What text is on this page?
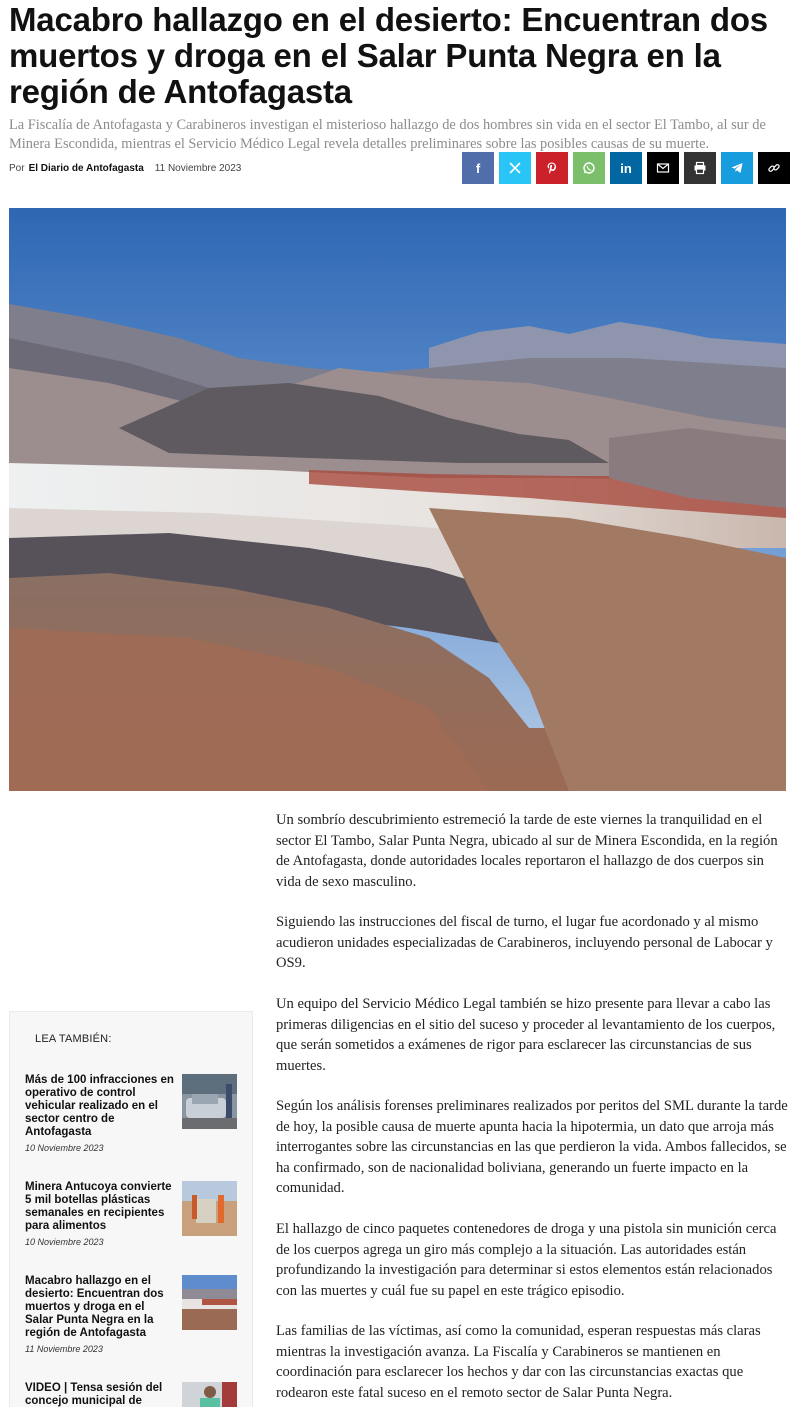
Macabro hallazgo en el desierto: Encuentran dos muertos y droga en el Salar Punta Negra en la región de Antofagasta

La Fiscalía de Antofagasta y Carabineros investigan el misterioso hallazgo de dos hombres sin vida en el sector El Tambo, al sur de Minera Escondida, mientras el Servicio Médico Legal revela detalles preliminares sobre las posibles causas de su muerte.

Por El Diario de Antofagasta 11 Noviembre 2023	f	in

Un sombrío descubrimiento estremeció la tarde de este viernes la tranquilidad en el sector El Tambo, Salar Punta Negra, ubicado al sur de Minera Escondida, en la región de Antofagasta, donde autoridades locales reportaron el hallazgo de dos cuerpos sin vida de sexo masculino.

Siguiendo las instrucciones del fiscal de turno, el lugar fue acordonado y al mismo acudieron unidades especializadas de Carabineros, incluyendo personal de Labocar y OS9.

Un equipo del Servicio Médico Legal también se hizo presente para llevar a cabo las primeras diligencias en el sitio del suceso y proceder al levantamiento de los cuerpos, que serán sometidos a exámenes de rigor para esclarecer las circunstancias de sus muertes.

Según los análisis forenses preliminares realizados por peritos del SML durante la tarde de hoy, la posible causa de muerte apunta hacia la hipotermia, un dato que arroja más interrogantes sobre las circunstancias en las que perdieron la vida. Ambos fallecidos, se ha confirmado, son de nacionalidad boliviana, generando un fuerte impacto en la comunidad.

El hallazgo de cinco paquetes contenedores de droga y una pistola sin munición cerca de los cuerpos agrega un giro más complejo a la situación. Las autoridades están profundizando la investigación para determinar si estos elementos están relacionados con las muertes y cuál fue su papel en este trágico episodio.

Las familias de las víctimas, así como la comunidad, esperan respuestas más claras mientras la investigación avanza. La Fiscalía y Carabineros se mantienen en coordinación para esclarecer los hechos y dar con las circunstancias exactas que rodearon este fatal suceso en el remoto sector de Salar Punta Negra.

LEA TAMBIÉN:
Más de 100 infracciones en operativo de control vehicular realizado en el sector centro de Antofagasta
10 Noviembre 2023
Minera Antucoya convierte 5 mil botellas plásticas semanales en recipientes para alimentos
10 Noviembre 2023
Macabro hallazgo en el desierto: Encuentran dos muertos y droga en el Salar Punta Negra en la región de Antofagasta
11 Noviembre 2023
VIDEO | Tensa sesión del concejo municipal de
